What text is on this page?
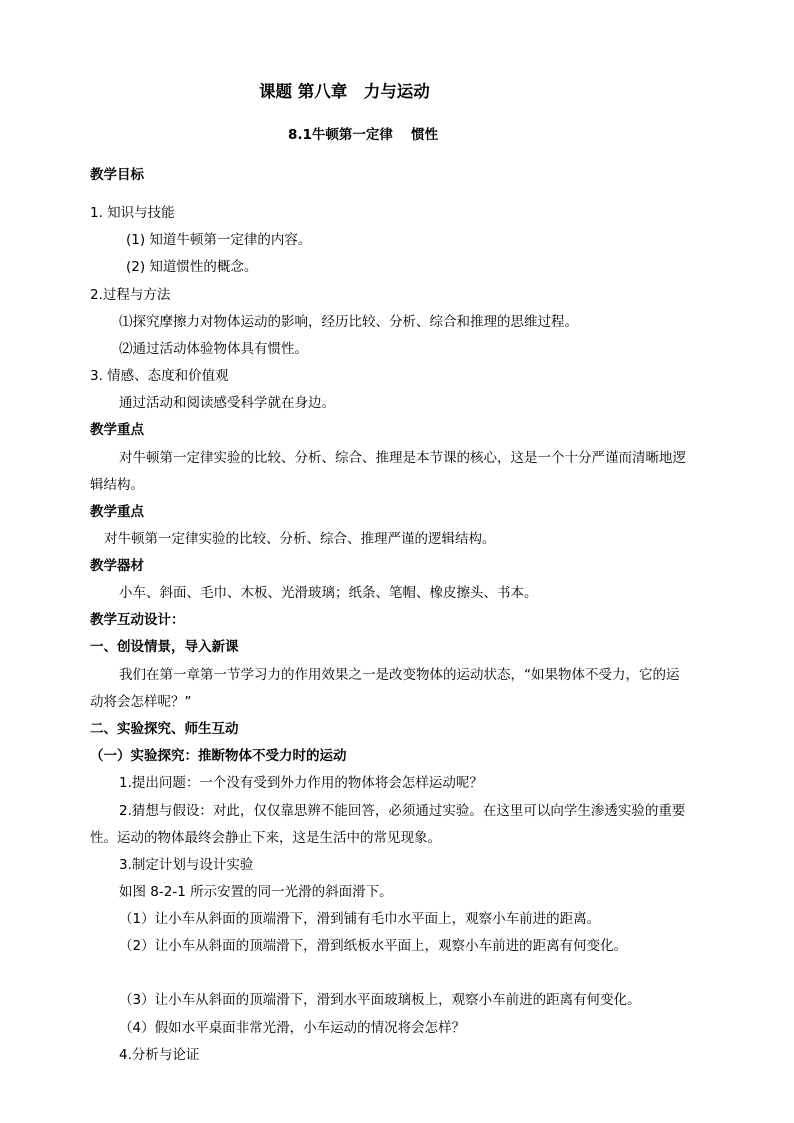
课题 第八章　力与运动
8.1牛顿第一定律　 惯性
教学目标
1. 知识与技能
(1) 知道牛顿第一定律的内容。
(2) 知道惯性的概念。
2.过程与方法
⑴探究摩擦力对物体运动的影响，经历比较、分析、综合和推理的思维过程。
⑵通过活动体验物体具有惯性。
3. 情感、态度和价值观
通过活动和阅读感受科学就在身边。
教学重点
对牛顿第一定律实验的比较、分析、综合、推理是本节课的核心，这是一个十分严谨而清晰地逻
辑结构。
教学重点
对牛顿第一定律实验的比较、分析、综合、推理严谨的逻辑结构。
教学器材
小车、斜面、毛巾、木板、光滑玻璃；纸条、笔帽、橡皮擦头、书本。
教学互动设计：
一、创设情景，导入新课
我们在第一章第一节学习力的作用效果之一是改变物体的运动状态，“如果物体不受力，它的运
动将会怎样呢？”
二、实验探究、师生互动
（一）实验探究：推断物体不受力时的运动
1.提出问题：一个没有受到外力作用的物体将会怎样运动呢？
2.猜想与假设：对此，仅仅靠思辨不能回答，必须通过实验。在这里可以向学生渗透实验的重要
性。运动的物体最终会静止下来，这是生活中的常见现象。
3.制定计划与设计实验
如图 8-2-1 所示安置的同一光滑的斜面滑下。
（1）让小车从斜面的顶端滑下，滑到铺有毛巾水平面上，观察小车前进的距离。
（2）让小车从斜面的顶端滑下，滑到纸板水平面上，观察小车前进的距离有何变化。
（3）让小车从斜面的顶端滑下，滑到水平面玻璃板上，观察小车前进的距离有何变化。
（4）假如水平桌面非常光滑，小车运动的情况将会怎样？
4.分析与论证
